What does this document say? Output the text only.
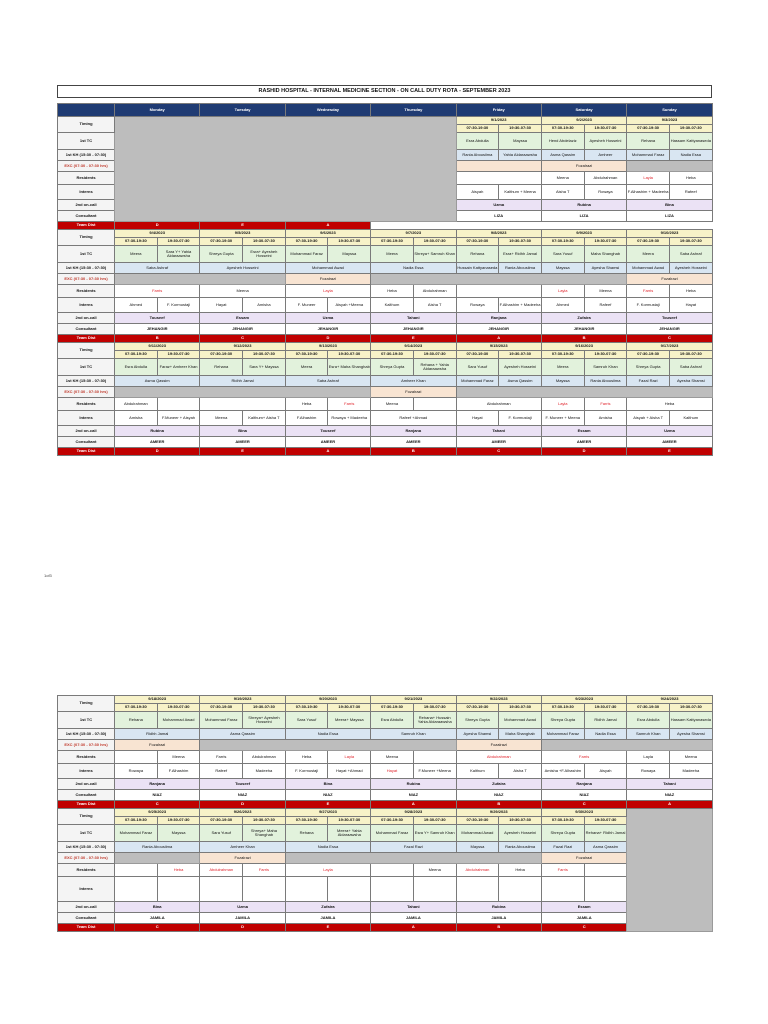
RASHID HOSPITAL - INTERNAL MEDICINE SECTION - ON CALL DUTY ROTA - SEPTEMBER 2023
1of3
	Monday		Tuesday		Wednesday		Thursday		Friday		Saturday		Sunday	
Timing									9/1/2023		9/2/2023		9/3/2023	
									07:30-19:30	19:30-07:30	07:30-19:30	19:30-07:30	07:30-19:30	19:30-07:30
1st TC									Esra Abdulla	Mayssa	Hend Abdelaziz	Ayesheh Hosseini	Rehana	Hassam Kattyanaseda
1st KH (15:30 - 07:30)									Rania Abousiima	Yahia Aldaraawsha	Asma Qassim	Amheer	Mohammad Faraz	Nadia Essa
EXC (07:30 - 07:30 hrs)											Fozalrazi			
Residents											Meena	Abdulrahman	Layla	Heba
Interns									Aisyah	Kalthum + Meena	Aisha T	Rowaya	F.Alhashim + Madeeha	Rafeef
2nd on-call									Uzma		Rubina		Bina	
Consultant									LIZA		LIZA		LIZA	
Team Dist	D		E		A									
Timing	9/4/2023		9/5/2023		9/6/2023		9/7/2023		9/8/2023		9/9/2023		9/10/2023	
	07:30-19:30	19:30-07:30	07:30-19:30	19:30-07:30	07:30-19:30	19:30-07:30	07:30-19:30	19:30-07:30	07:30-19:30	19:30-07:30	07:30-19:30	19:30-07:30	07:30-19:30	19:30-07:30
1st TC	Meera	Sara Y+ Yahia Aldaraawsha	Shreya Gupta	Esra+ Ayesheh Hosseini	Mohammad Faraz	Mayssa	Meera	Shreya+ Samruh Khan	Rehana	Esra+ Ridhh Jamal	Sara Yusuf	Maha Shanghab	Meera	Saba Ashraf
1st KH (15:30 - 07:30)	Saba Ashraf		Ayesheh Hosseini		Mohammad Awad		Nadia Essa		Hussain Kattyanaseda	Rania Abousiima	Mayssa	Ayesha Shamsi	Mohammad Awad	Ayesheh Hosseini
EXC (07:30 - 07:30 hrs)					Fozalrazi								Fozalrazi	
Residents	Farris		Meena		Layla		Heba	Abdulrahman			Layla	Meena	Farris	Heba
Interns	Ahmed	F. Kormustaji	Hayat	Amisha	F. Muneer	Aisyah +Meena	Kalthum	Aisha T	Rowaya	F.Alhashim + Madeeha	Ahmed	Rafeef	F. Kormustaji	Hayat
2nd on-call	Touseef		Essam		Uzma		Tahani		Ranjana		Zufaira		Touseef	
Consultant	JEHANGIR		JEHANGIR		JEHANGIR		JEHANGIR		JEHANGIR		JEHANGIR		JEHANGIR	
Team Dist	B		C		D		E		A		B		C	
Timing	9/11/2023		9/12/2023		9/13/2023		9/14/2023		9/15/2023		9/16/2023		9/17/2023	
	07:30-19:30	19:30-07:30	07:30-19:30	19:30-07:30	07:30-19:30	19:30-07:30	07:30-19:30	19:30-07:30	07:30-19:30	19:30-07:30	07:30-19:30	19:30-07:30	07:30-19:30	19:30-07:30
1st TC	Esra Abdulla	Faraz+ Amheer Khan	Rehana	Sara Y+ Mayssa	Meera	Esra+ Maha Shanghab	Shreya Gupta	Rehana + Yahia Aldaraawsha	Sara Yusuf	Ayesheh Hosseini	Meera	Samruh Khan	Shreya Gupta	Saba Ashraf
1st KH (15:30 - 07:30)	Asma Qassim		Ridhh Jamal		Saba Ashraf		Amheer Khan		Mohammad Faraz	Asma Qassim	Mayssa	Rania Abousiima	Fazal Razi	Ayesha Shamsi
EXC (07:30 - 07:30 hrs)							Fozalrazi							
Residents	Abdulrahman				Heba	Farris	Meena		Abdulrahman		Layla	Farris	Heba	
Interns	Amisha	F.Muneer + Aisyah	Meena	Kalthum+ Aisha T	F.Alhashim	Rowaya + Madeeha	Rafeef +Ahmad		Hayat	F. Kormustaji	F. Muneer + Meena	Amisha	Aisyah + Aisha T	Kalthum
2nd on-call	Rubina		Bina		Touseef		Ranjana		Tahani		Essam		Uzma	
Consultant	AMEER		AMEER		AMEER		AMEER		AMEER		AMEER		AMEER	
Team Dist	D		E		A		B		C		D		E	
Timing	9/18/2023		9/19/2023		9/20/2023		9/21/2023		9/22/2023		9/23/2023		9/24/2023	
	07:30-19:30	19:30-07:30	07:30-19:30	19:30-07:30	07:30-19:30	19:30-07:30	07:30-19:30	19:30-07:30	07:30-19:30	19:30-07:30	07:30-19:30	19:30-07:30	07:30-19:30	19:30-07:30
1st TC	Rehana	Mohammad Awad	Mohammad Faraz	Shreya+ Ayesheh Hosseini	Sara Yusuf	Meera+ Mayssa	Esra Abdulla	Rehana+ Hussain Yahia Aldaraawsha	Shreya Gupta	Mohammad Awad	Shreya Gupta	Ridhh Jamal	Esra Abdulla	Hassam Kattyanaseda
1st KH (15:30 - 07:30)	Ridhh Jamal		Asma Qassim		Nadia Essa		Samruh Khan		Ayesha Shamsi	Maha Shanghab	Mohammad Faraz	Nadia Essa	Samruh Khan	Ayesha Shamsi
EXC (07:30 - 07:30 hrs)	Fozalrazi								Fozalrazi					
Residents		Meena	Farris	Abdulrahman	Heba	Layla	Meena		Abdulrahman		Farris		Layla	Meena
Interns	Rowaya	F.Alhashim	Rafeef	Madeeha	F. Kormustaji	Hayat +Ahmad	Hayat	F.Muneer +Meena	Kalthum	Aisha T	Amisha +F.Alhashim	Aisyah	Rowaya	Madeeha
2nd on-call	Ranjana		Touseef		Bina		Rubina		Zufaira		Ranjana		Tahani	
Consultant	NIAZ		NIAZ		NIAZ		NIAZ		NIAZ		NIAZ		NIAZ	
Team Dist	C		D		E		A		B		C		A	
Timing	9/25/2023		9/26/2023		9/27/2023		9/28/2023		9/29/2023		9/30/2023			
	07:30-19:30	19:30-07:30	07:30-19:30	19:30-07:30	07:30-19:30	19:30-07:30	07:30-19:30	19:30-07:30	07:30-19:30	19:30-07:30	07:30-19:30	19:30-07:30		
1st TC	Mohammad Faraz	Mayssa	Sara Yusuf	Shreya+ Maha Shanghab	Rehana	Meera+ Yahia Aldaraawsha	Mohammad Faraz	Esra Y+ Samruh Khan	Mohammad Awad	Ayesheh Hosseini	Shreya Gupta	Rehana+ Ridhh Jamal		
1st KH (15:30 - 07:30)	Rania Abousiima		Amheer Khan		Nadia Essa		Fazal Razi		Mayssa	Rania Abousiima	Fazal Razi	Asma Qassim		
EXC (07:30 - 07:30 hrs)			Fozalrazi								Fozalrazi			
Residents		Heba	Abdulrahman	Farris	Layla			Meena	Abdulrahman	Heba	Farris			
Interns														
2nd on-call	Bina		Uzma		Zufaira		Tahani		Rubina		Essam			
Consultant	JAMILA		JAMILA		JAMILA		JAMILA		JAMILA		JAMILA			
Team Dist	C		D		E		A		B		C			
